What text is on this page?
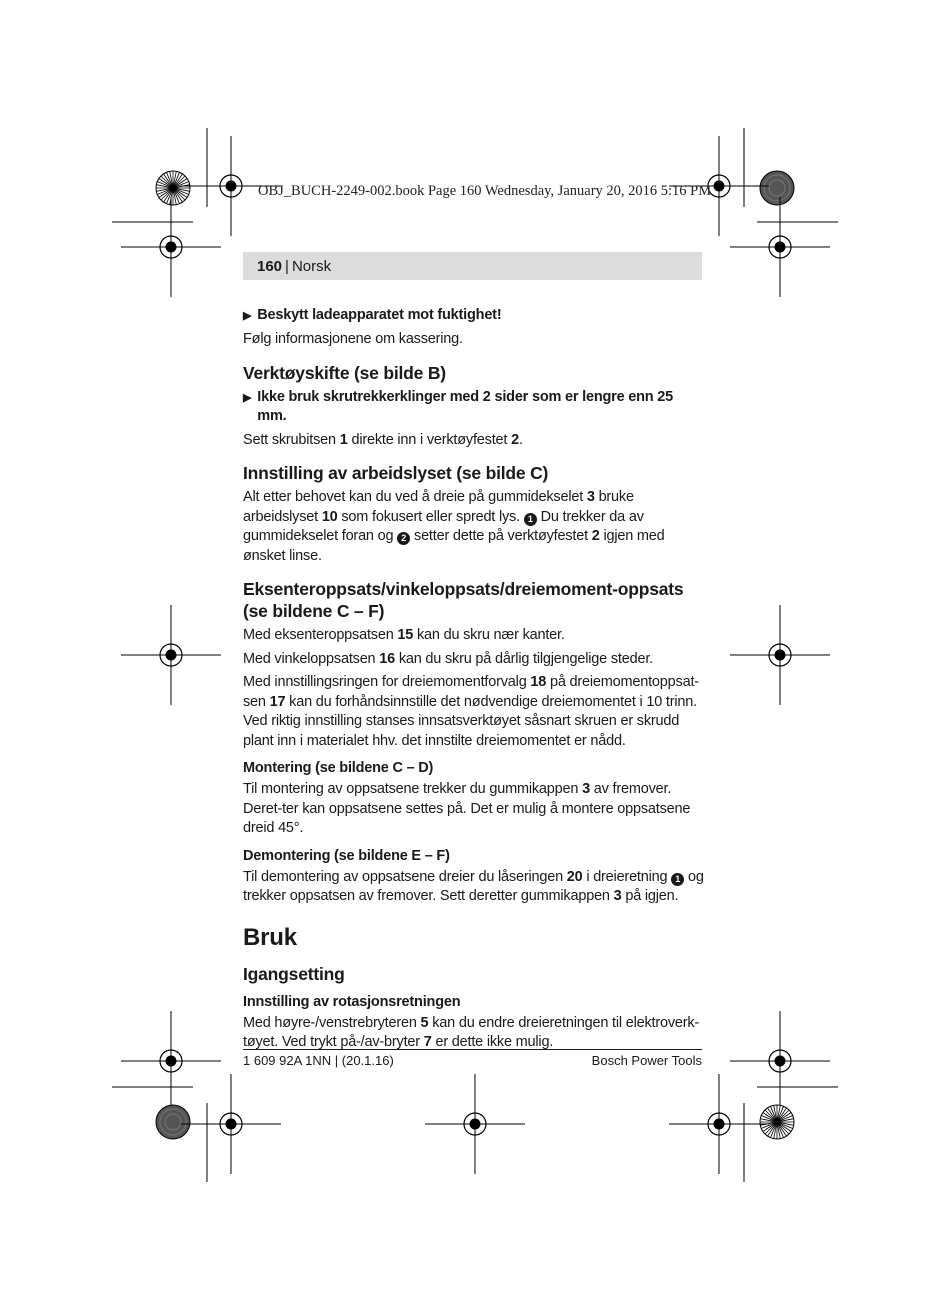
OBJ_BUCH-2249-002.book Page 160 Wednesday, January 20, 2016 5:16 PM
160 | Norsk
▶ Beskytt ladeapparatet mot fuktighet!

Følg informasjonene om kassering.

Verktøyskifte (se bilde B)
▶ Ikke bruk skrutrekkerklinger med 2 sider som er lengre enn 25 mm.

Sett skrubitsen 1 direkte inn i verktøyfestet 2.

Innstilling av arbeidslyset (se bilde C)

Alt etter behovet kan du ved å dreie på gummidekselet 3 bruke arbeidslyset 10 som fokusert eller spredt lys. 1 Du trekker da av gummidekselet foran og 2 setter dette på verktøyfestet 2 igjen med ønsket linse.

Eksenteroppsats/vinkeloppsats/dreiemoment-oppsats (se bildene C – F)

Med eksenteroppsatsen 15 kan du skru nær kanter.

Med vinkeloppsatsen 16 kan du skru på dårlig tilgjengelige steder.

Med innstillingsringen for dreiemomentforvalg 18 på dreiemomentoppsat-sen 17 kan du forhåndsinnstille det nødvendige dreiemomentet i 10 trinn. Ved riktig innstilling stanses innsatsverktøyet såsnart skruen er skrudd plant inn i materialet hhv. det innstilte dreiemomentet er nådd.

Montering (se bildene C – D)

Til montering av oppsatsene trekker du gummikappen 3 av fremover. Deret-ter kan oppsatsene settes på. Det er mulig å montere oppsatsene dreid 45°.

Demontering (se bildene E – F)

Til demontering av oppsatsene dreier du låseringen 20 i dreieretning 1 og trekker oppsatsen av fremover. Sett deretter gummikappen 3 på igjen.

Bruk
Igangsetting
Innstilling av rotasjonsretningen

Med høyre-/venstrebryteren 5 kan du endre dreieretningen til elektroverk-tøyet. Ved trykt på-/av-bryter 7 er dette ikke mulig.

1 609 92A 1NN | (20.1.16)	Bosch Power Tools
